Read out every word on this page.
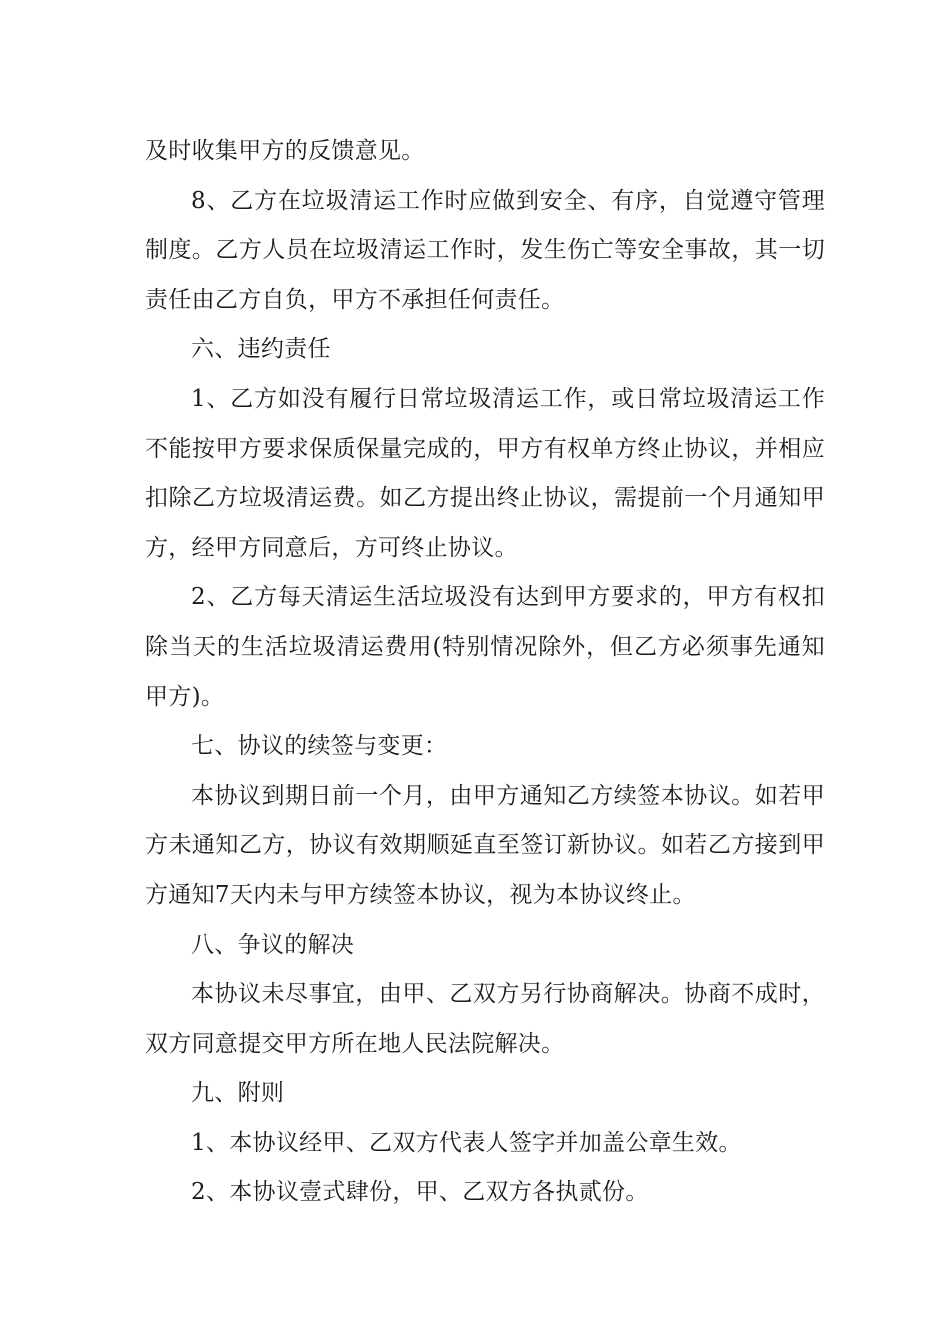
及时收集甲方的反馈意见。

8、乙方在垃圾清运工作时应做到安全、有序，自觉遵守管理制度。乙方人员在垃圾清运工作时，发生伤亡等安全事故，其一切责任由乙方自负，甲方不承担任何责任。

六、违约责任

1、乙方如没有履行日常垃圾清运工作，或日常垃圾清运工作不能按甲方要求保质保量完成的，甲方有权单方终止协议，并相应扣除乙方垃圾清运费。如乙方提出终止协议，需提前一个月通知甲方，经甲方同意后，方可终止协议。

2、乙方每天清运生活垃圾没有达到甲方要求的，甲方有权扣除当天的生活垃圾清运费用(特别情况除外，但乙方必须事先通知甲方)。

七、协议的续签与变更：

本协议到期日前一个月，由甲方通知乙方续签本协议。如若甲方未通知乙方，协议有效期顺延直至签订新协议。如若乙方接到甲方通知7天内未与甲方续签本协议，视为本协议终止。

八、争议的解决

本协议未尽事宜，由甲、乙双方另行协商解决。协商不成时，双方同意提交甲方所在地人民法院解决。

九、附则

1、本协议经甲、乙双方代表人签字并加盖公章生效。

2、本协议壹式肆份，甲、乙双方各执贰份。
